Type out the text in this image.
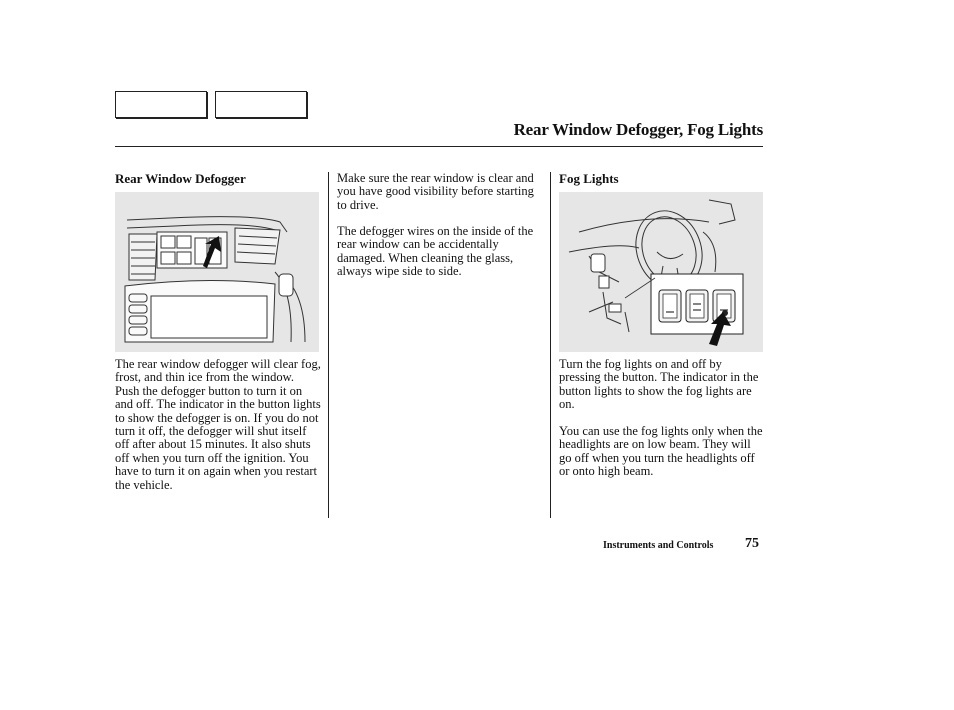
Rear Window Defogger, Fog Lights
Rear Window Defogger

The rear window defogger will clear fog, frost, and thin ice from the window. Push the defogger button to turn it on and off. The indicator in the button lights to show the defogger is on. If you do not turn it off, the defogger will shut itself off after about 15 minutes. It also shuts off when you turn off the ignition. You have to turn it on again when you restart the vehicle.

Make sure the rear window is clear and you have good visibility before starting to drive.

The defogger wires on the inside of the rear window can be accidentally damaged. When cleaning the glass, always wipe side to side.

Fog Lights

Turn the fog lights on and off by pressing the button. The indicator in the button lights to show the fog lights are on.

You can use the fog lights only when the headlights are on low beam. They will go off when you turn the headlights off or onto high beam.

Instruments and Controls 75
